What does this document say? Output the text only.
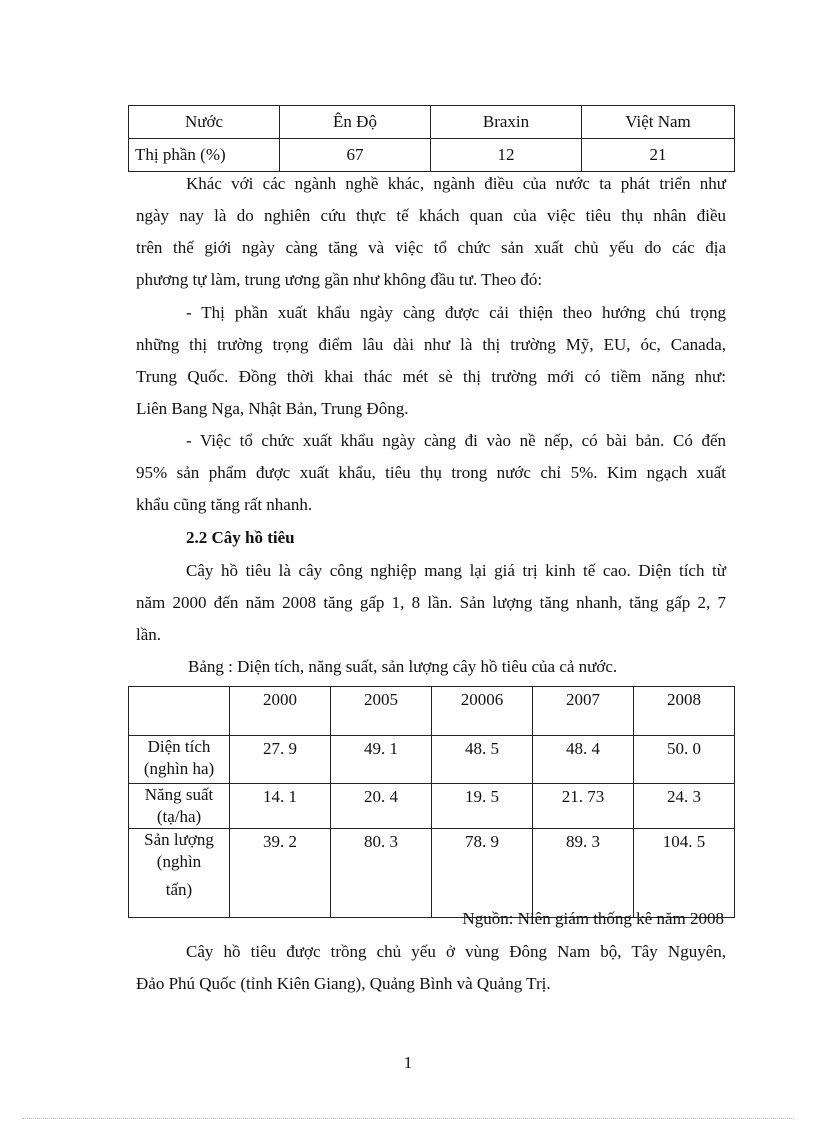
Nước	Ên Độ	Braxin	Việt Nam
Thị phần (%)	67	12	21
Khác với các ngành nghề khác, ngành điều của nước ta phát triển như
ngày nay là do nghiên cứu thực tế khách quan của việc tiêu thụ nhân điều
trên thế giới ngày càng tăng và việc tổ chức sản xuất chủ yếu do các địa
phương tự làm, trung ương gần như không đầu tư. Theo đó:
- Thị phần xuất khẩu ngày càng được cải thiện theo hướng chú trọng
những thị trường trọng điểm lâu dài như là thị trường Mỹ, EU, óc, Canada,
Trung Quốc. Đồng thời khai thác mét sè thị trường mới có tiềm năng như:
Liên Bang Nga, Nhật Bản, Trung Đông.
- Việc tổ chức xuất khẩu ngày càng đi vào nề nếp, có bài bản. Có đến
95% sản phẩm được xuất khẩu, tiêu thụ trong nước chỉ 5%. Kim ngạch xuất
khẩu cũng tăng rất nhanh.

2.2 Cây hồ tiêu

Cây hồ tiêu là cây công nghiệp mang lại giá trị kinh tế cao. Diện tích từ
năm 2000 đến năm 2008 tăng gấp 1, 8 lần. Sản lượng tăng nhanh, tăng gấp 2, 7
lần.

Bảng : Diện tích, năng suất, sản lượng cây hồ tiêu của cả nước.

	2000	2005	20006	2007	2008

Diện tích
(nghìn ha)	27. 9	49. 1	48. 5	48. 4	50. 0

Năng suất
(tạ/ha)	14. 1	20. 4	19. 5	21. 73	24. 3

Sản lượng
(nghìn
tấn)	39. 2	80. 3	78. 9	89. 3	104. 5

Nguồn: Niên giám thống kê năm 2008

Cây hồ tiêu được trồng chủ yếu ở vùng Đông Nam bộ, Tây Nguyên,
Đảo Phú Quốc (tỉnh Kiên Giang), Quảng Bình và Quảng Trị.

1
